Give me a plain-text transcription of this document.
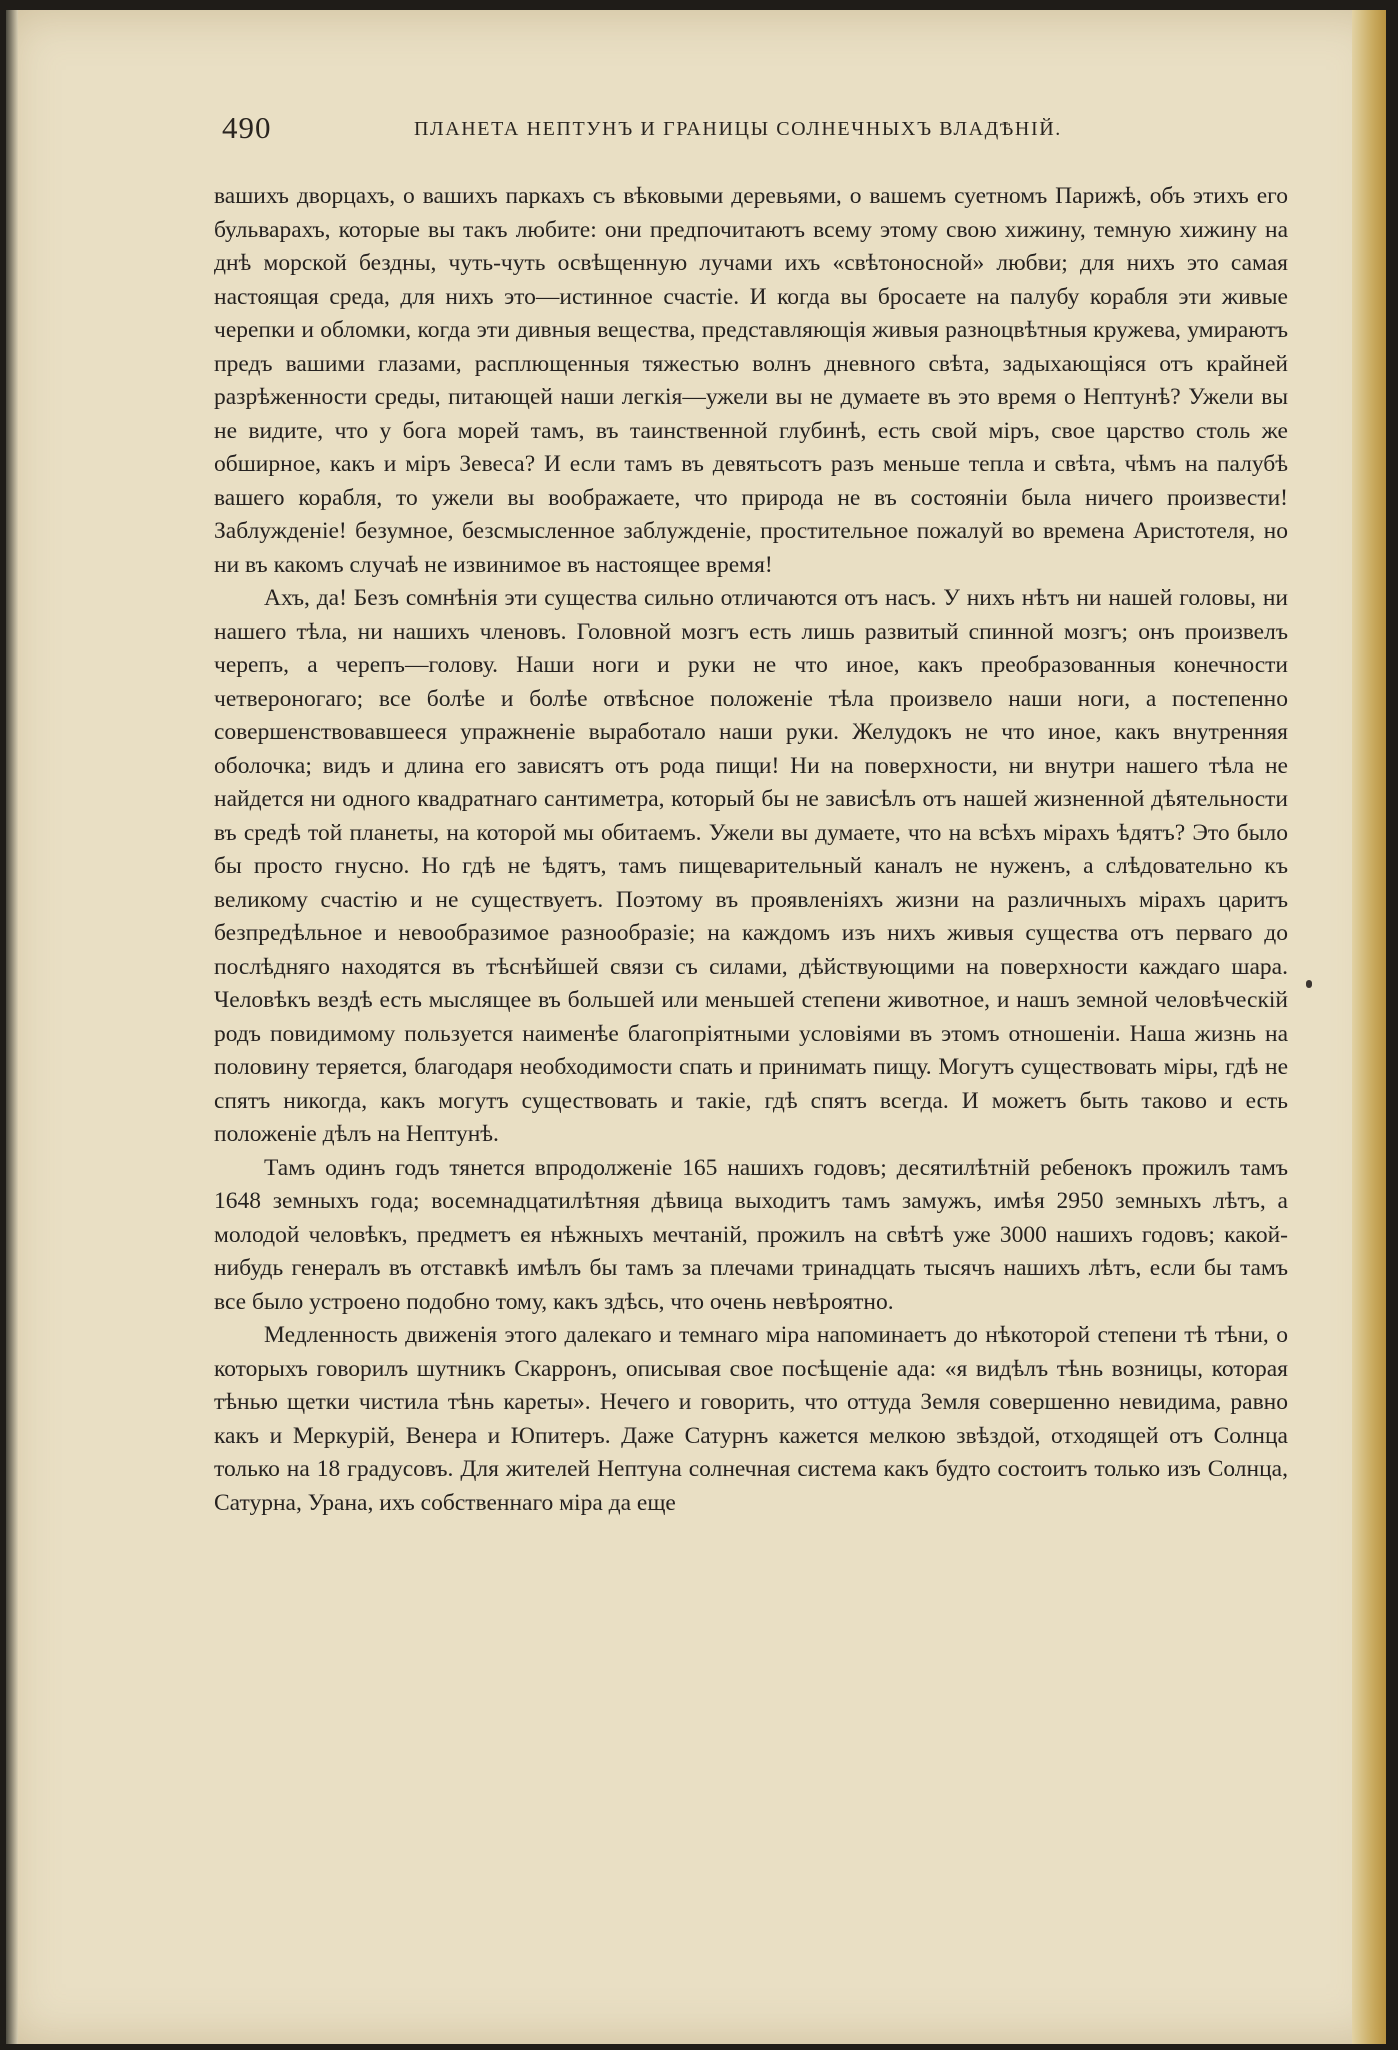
490	ПЛАНЕТА НЕПТУНЪ И ГРАНИЦЫ СОЛНЕЧНЫХЪ ВЛАДѢНІЙ.

вашихъ дворцахъ, о вашихъ паркахъ съ вѣковыми деревьями, о вашемъ суетномъ Парижѣ, объ этихъ его бульварахъ, которые вы такъ любите: они предпочитаютъ всему этому свою хижину, темную хижину на днѣ морской бездны, чуть-чуть освѣщенную лучами ихъ «свѣтоносной» любви; для нихъ это самая настоящая среда, для нихъ это—истинное счастіе. И когда вы бросаете на палубу корабля эти живые черепки и обломки, когда эти дивныя вещества, представляющія живыя разноцвѣтныя кружева, умираютъ предъ вашими глазами, расплющенныя тяжестью волнъ дневного свѣта, задыхающіяся отъ крайней разрѣженности среды, питающей наши легкія—ужели вы не думаете въ это время о Нептунѣ? Ужели вы не видите, что у бога морей тамъ, въ таинственной глубинѣ, есть свой міръ, свое царство столь же обширное, какъ и міръ Зевеса? И если тамъ въ девятьсотъ разъ меньше тепла и свѣта, чѣмъ на палубѣ вашего корабля, то ужели вы воображаете, что природа не въ состояніи была ничего произвести! Заблужденіе! безумное, безсмысленное заблужденіе, простительное пожалуй во времена Аристотеля, но ни въ какомъ случаѣ не извинимое въ настоящее время!

Ахъ, да! Безъ сомнѣнія эти существа сильно отличаются отъ насъ. У нихъ нѣтъ ни нашей головы, ни нашего тѣла, ни нашихъ членовъ. Головной мозгъ есть лишь развитый спинной мозгъ; онъ произвелъ черепъ, а черепъ—голову. Наши ноги и руки не что иное, какъ преобразованныя конечности четвероногаго; все болѣе и болѣе отвѣсное положеніе тѣла произвело наши ноги, а постепенно совершенствовавшееся упражненіе выработало наши руки. Желудокъ не что иное, какъ внутренняя оболочка; видъ и длина его зависятъ отъ рода пищи! Ни на поверхности, ни внутри нашего тѣла не найдется ни одного квадратнаго сантиметра, который бы не зависѣлъ отъ нашей жизненной дѣятельности въ средѣ той планеты, на которой мы обитаемъ. Ужели вы думаете, что на всѣхъ мірахъ ѣдятъ? Это было бы просто гнусно. Но гдѣ не ѣдятъ, тамъ пищеварительный каналъ не нуженъ, а слѣдовательно къ великому счастію и не существуетъ. Поэтому въ проявленіяхъ жизни на различныхъ мірахъ царитъ безпредѣльное и невообразимое разнообразіе; на каждомъ изъ нихъ живыя существа отъ перваго до послѣдняго находятся въ тѣснѣйшей связи съ силами, дѣйствующими на поверхности каждаго шара. Человѣкъ вездѣ есть мыслящее въ большей или меньшей степени животное, и нашъ земной человѣческій родъ повидимому пользуется наименѣе благопріятными условіями въ этомъ отношеніи. Наша жизнь на половину теряется, благодаря необходимости спать и принимать пищу. Могутъ существовать міры, гдѣ не спятъ никогда, какъ могутъ существовать и такіе, гдѣ спятъ всегда. И можетъ быть таково и есть положеніе дѣлъ на Нептунѣ.

Тамъ одинъ годъ тянется впродолженіе 165 нашихъ годовъ; десятилѣтній ребенокъ прожилъ тамъ 1648 земныхъ года; восемнадцатилѣтняя дѣвица выходитъ тамъ замужъ, имѣя 2950 земныхъ лѣтъ, а молодой человѣкъ, предметъ ея нѣжныхъ мечтаній, прожилъ на свѣтѣ уже 3000 нашихъ годовъ; какой-нибудь генералъ въ отставкѣ имѣлъ бы тамъ за плечами тринадцать тысячъ нашихъ лѣтъ, если бы тамъ все было устроено подобно тому, какъ здѣсь, что очень невѣроятно.

Медленность движенія этого далекаго и темнаго міра напоминаетъ до нѣкоторой степени тѣ тѣни, о которыхъ говорилъ шутникъ Скарронъ, описывая свое посѣщеніе ада: «я видѣлъ тѣнь возницы, которая тѣнью щетки чистила тѣнь кареты». Нечего и говорить, что оттуда Земля совершенно невидима, равно какъ и Меркурій, Венера и Юпитеръ. Даже Сатурнъ кажется мелкою звѣздой, отходящей отъ Солнца только на 18 градусовъ. Для жителей Нептуна солнечная система какъ будто состоитъ только изъ Солнца, Сатурна, Урана, ихъ собственнаго міра да еще
